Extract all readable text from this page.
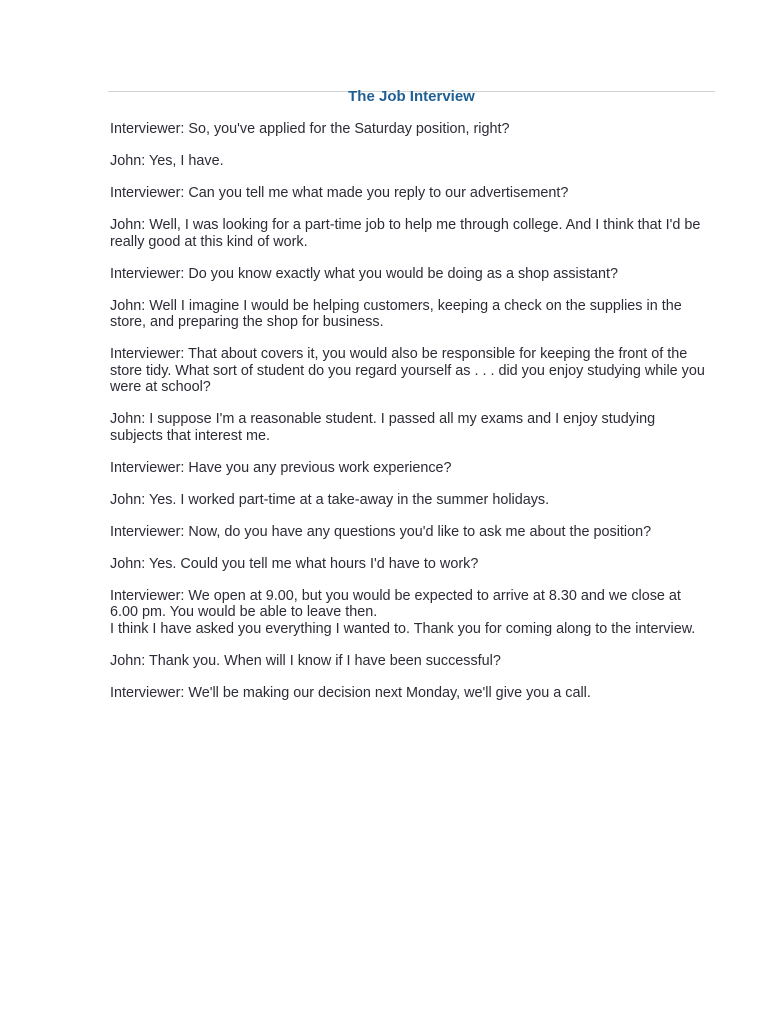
The Job Interview
Interviewer: So, you've applied for the Saturday position, right?
John: Yes, I have.
Interviewer: Can you tell me what made you reply to our advertisement?
John: Well, I was looking for a part-time job to help me through college. And I think that I'd be
really good at this kind of work.
Interviewer: Do you know exactly what you would be doing as a shop assistant?
John: Well I imagine I would be helping customers, keeping a check on the supplies in the
store, and preparing the shop for business.
Interviewer: That about covers it, you would also be responsible for keeping the front of the
store tidy. What sort of student do you regard yourself as . . . did you enjoy studying while you
were at school?
John: I suppose I'm a reasonable student. I passed all my exams and I enjoy studying
subjects that interest me.
Interviewer: Have you any previous work experience?
John: Yes. I worked part-time at a take-away in the summer holidays.
Interviewer: Now, do you have any questions you'd like to ask me about the position?
John: Yes. Could you tell me what hours I'd have to work?
Interviewer: We open at 9.00, but you would be expected to arrive at 8.30 and we close at
6.00 pm. You would be able to leave then.
I think I have asked you everything I wanted to. Thank you for coming along to the interview.
John: Thank you. When will I know if I have been successful?
Interviewer: We'll be making our decision next Monday, we'll give you a call.
